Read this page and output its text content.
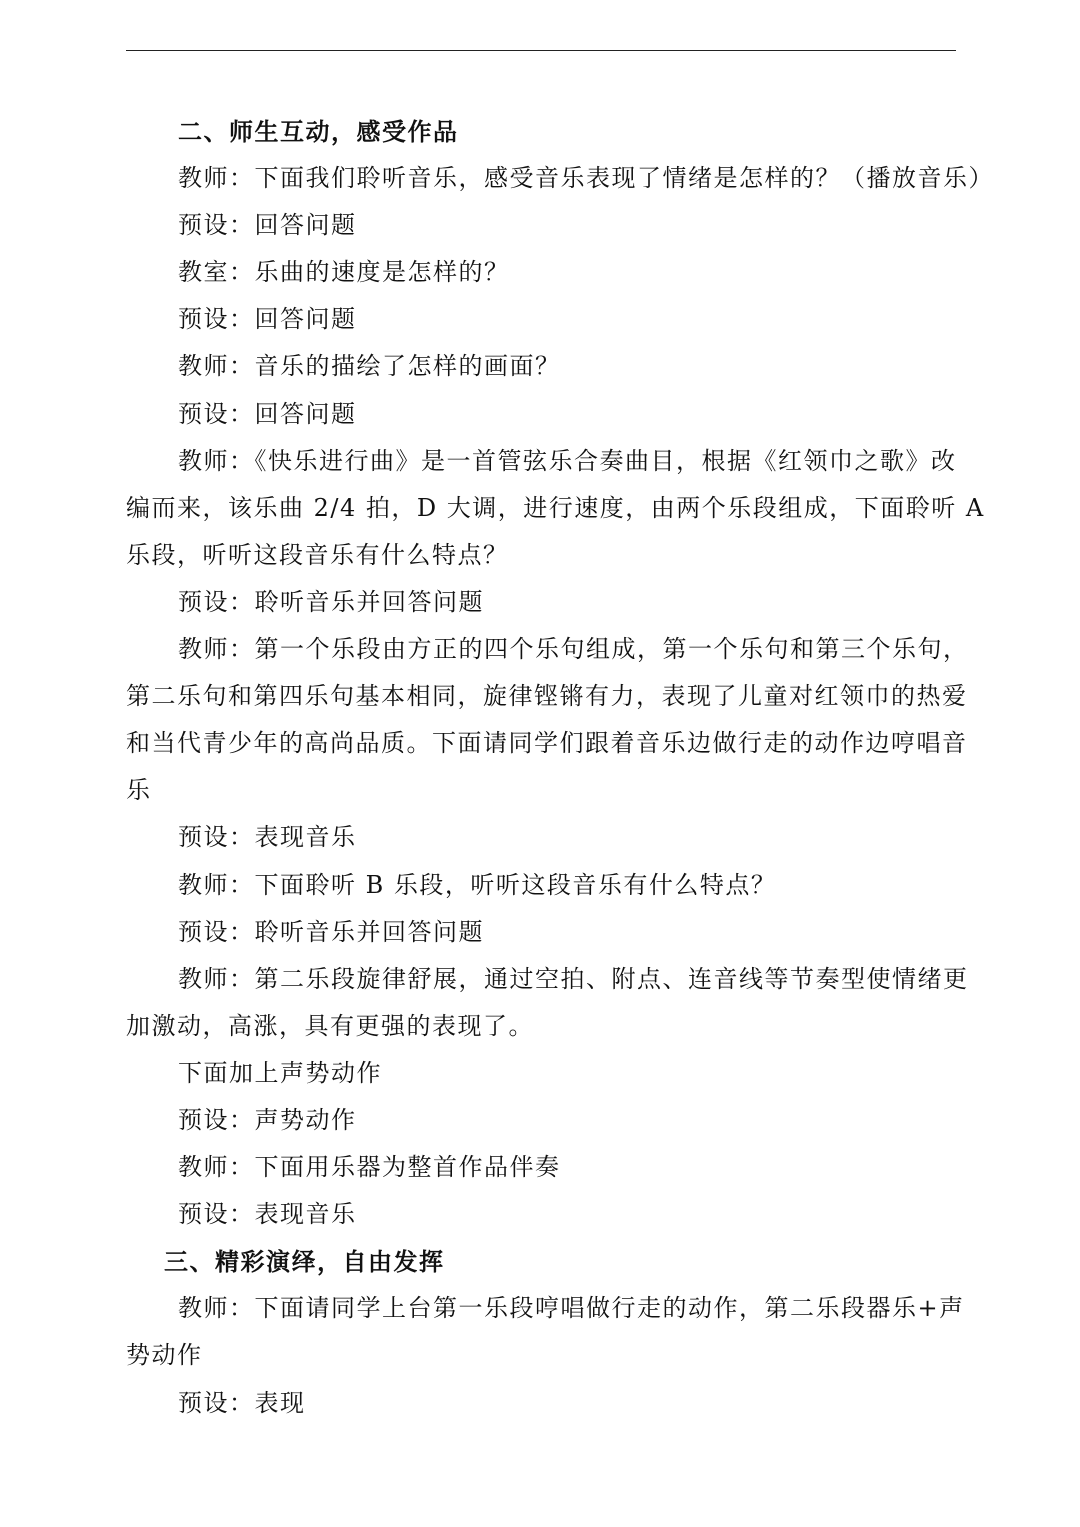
二、师生互动，感受作品
教师：下面我们聆听音乐，感受音乐表现了情绪是怎样的？（播放音乐）
预设：回答问题
教室：乐曲的速度是怎样的？
预设：回答问题
教师：音乐的描绘了怎样的画面？
预设：回答问题
教师：《快乐进行曲》是一首管弦乐合奏曲目，根据《红领巾之歌》改
编而来，该乐曲 2/4 拍，D 大调，进行速度，由两个乐段组成，下面聆听 A
乐段，听听这段音乐有什么特点？
预设：聆听音乐并回答问题
教师：第一个乐段由方正的四个乐句组成，第一个乐句和第三个乐句，
第二乐句和第四乐句基本相同，旋律铿锵有力，表现了儿童对红领巾的热爱
和当代青少年的高尚品质。下面请同学们跟着音乐边做行走的动作边哼唱音
乐
预设：表现音乐
教师：下面聆听 B 乐段，听听这段音乐有什么特点？
预设：聆听音乐并回答问题
教师：第二乐段旋律舒展，通过空拍、附点、连音线等节奏型使情绪更
加激动，高涨，具有更强的表现了。
下面加上声势动作
预设：声势动作
教师：下面用乐器为整首作品伴奏
预设：表现音乐
三、精彩演绎，自由发挥
教师：下面请同学上台第一乐段哼唱做行走的动作，第二乐段器乐+声
势动作
预设：表现
